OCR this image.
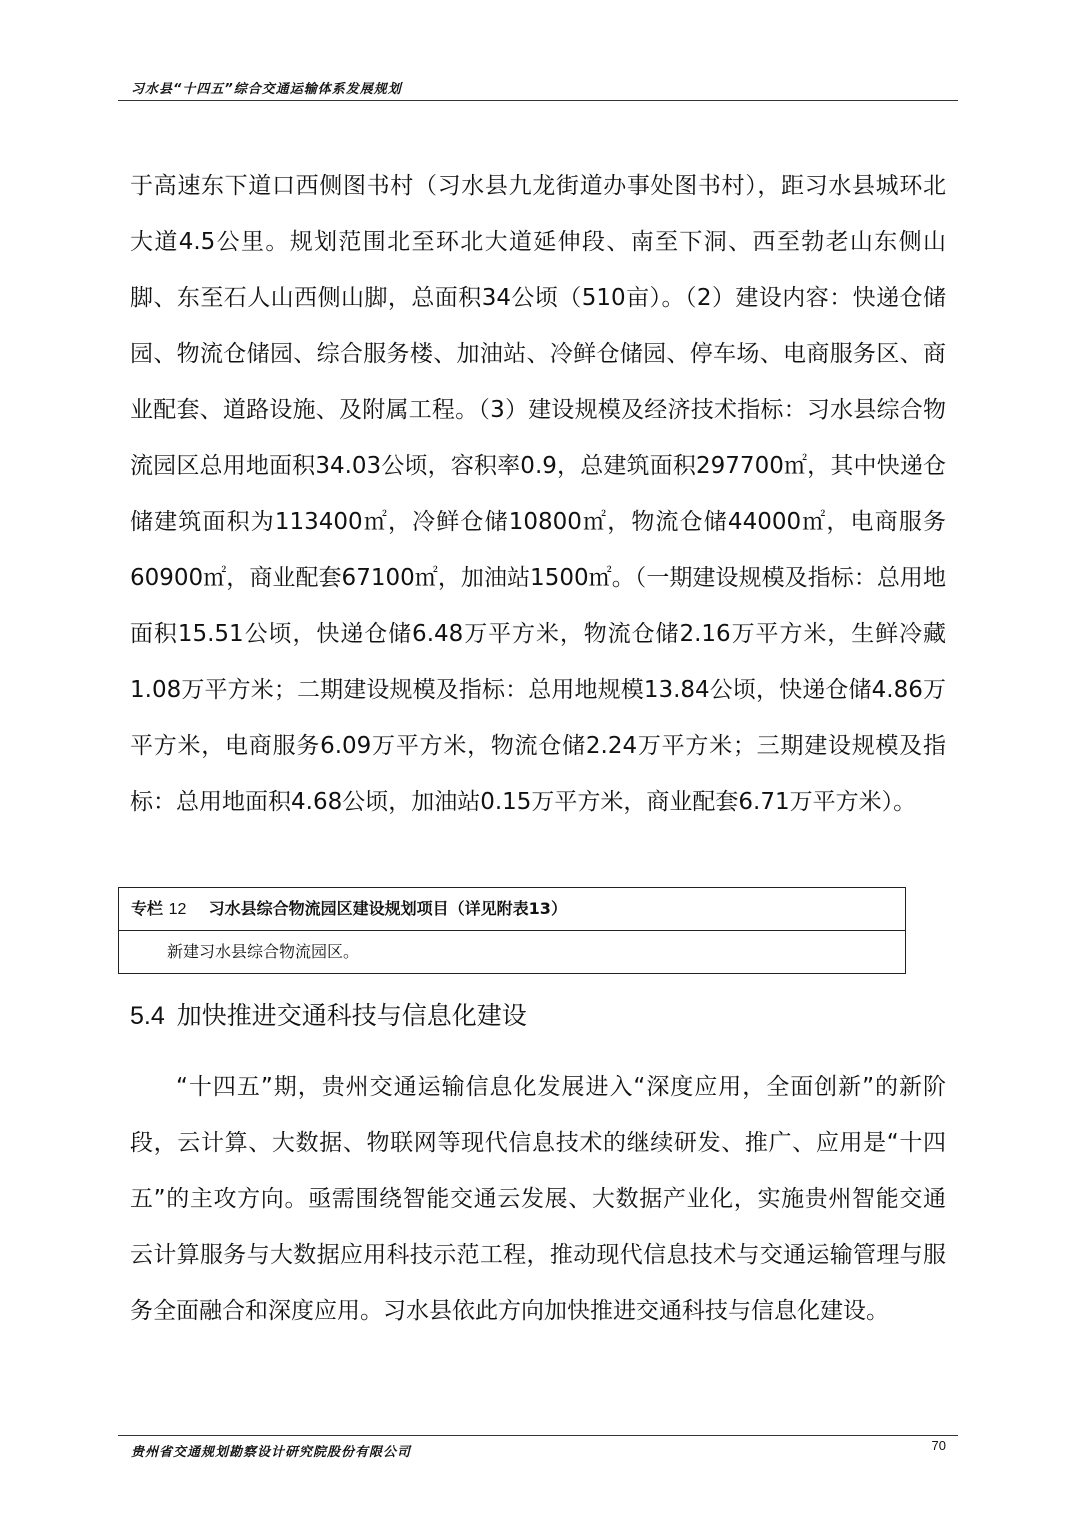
习水县“十四五”综合交通运输体系发展规划

于高速东下道口西侧图书村（习水县九龙街道办事处图书村），距习水县城环北大道4.5公里。规划范围北至环北大道延伸段、南至下洞、西至勃老山东侧山脚、东至石人山西侧山脚，总面积34公顷（510亩）。（2）建设内容：快递仓储园、物流仓储园、综合服务楼、加油站、冷鲜仓储园、停车场、电商服务区、商业配套、道路设施、及附属工程。（3）建设规模及经济技术指标：习水县综合物流园区总用地面积34.03公顷，容积率0.9，总建筑面积297700㎡，其中快递仓储建筑面积为113400㎡，冷鲜仓储10800㎡，物流仓储44000㎡，电商服务60900㎡，商业配套67100㎡，加油站1500㎡。（一期建设规模及指标：总用地面积15.51公顷，快递仓储6.48万平方米，物流仓储2.16万平方米，生鲜冷藏1.08万平方米；二期建设规模及指标：总用地规模13.84公顷，快递仓储4.86万平方米，电商服务6.09万平方米，物流仓储2.24万平方米；三期建设规模及指标：总用地面积4.68公顷，加油站0.15万平方米，商业配套6.71万平方米）。

专栏 12 习水县综合物流园区建设规划项目（详见附表13）
新建习水县综合物流园区。
5.4 加快推进交通科技与信息化建设

“十四五”期，贵州交通运输信息化发展进入“深度应用，全面创新”的新阶段，云计算、大数据、物联网等现代信息技术的继续研发、推广、应用是“十四五”的主攻方向。亟需围绕智能交通云发展、大数据产业化，实施贵州智能交通云计算服务与大数据应用科技示范工程，推动现代信息技术与交通运输管理与服务全面融合和深度应用。习水县依此方向加快推进交通科技与信息化建设。

贵州省交通规划勘察设计研究院股份有限公司	70
